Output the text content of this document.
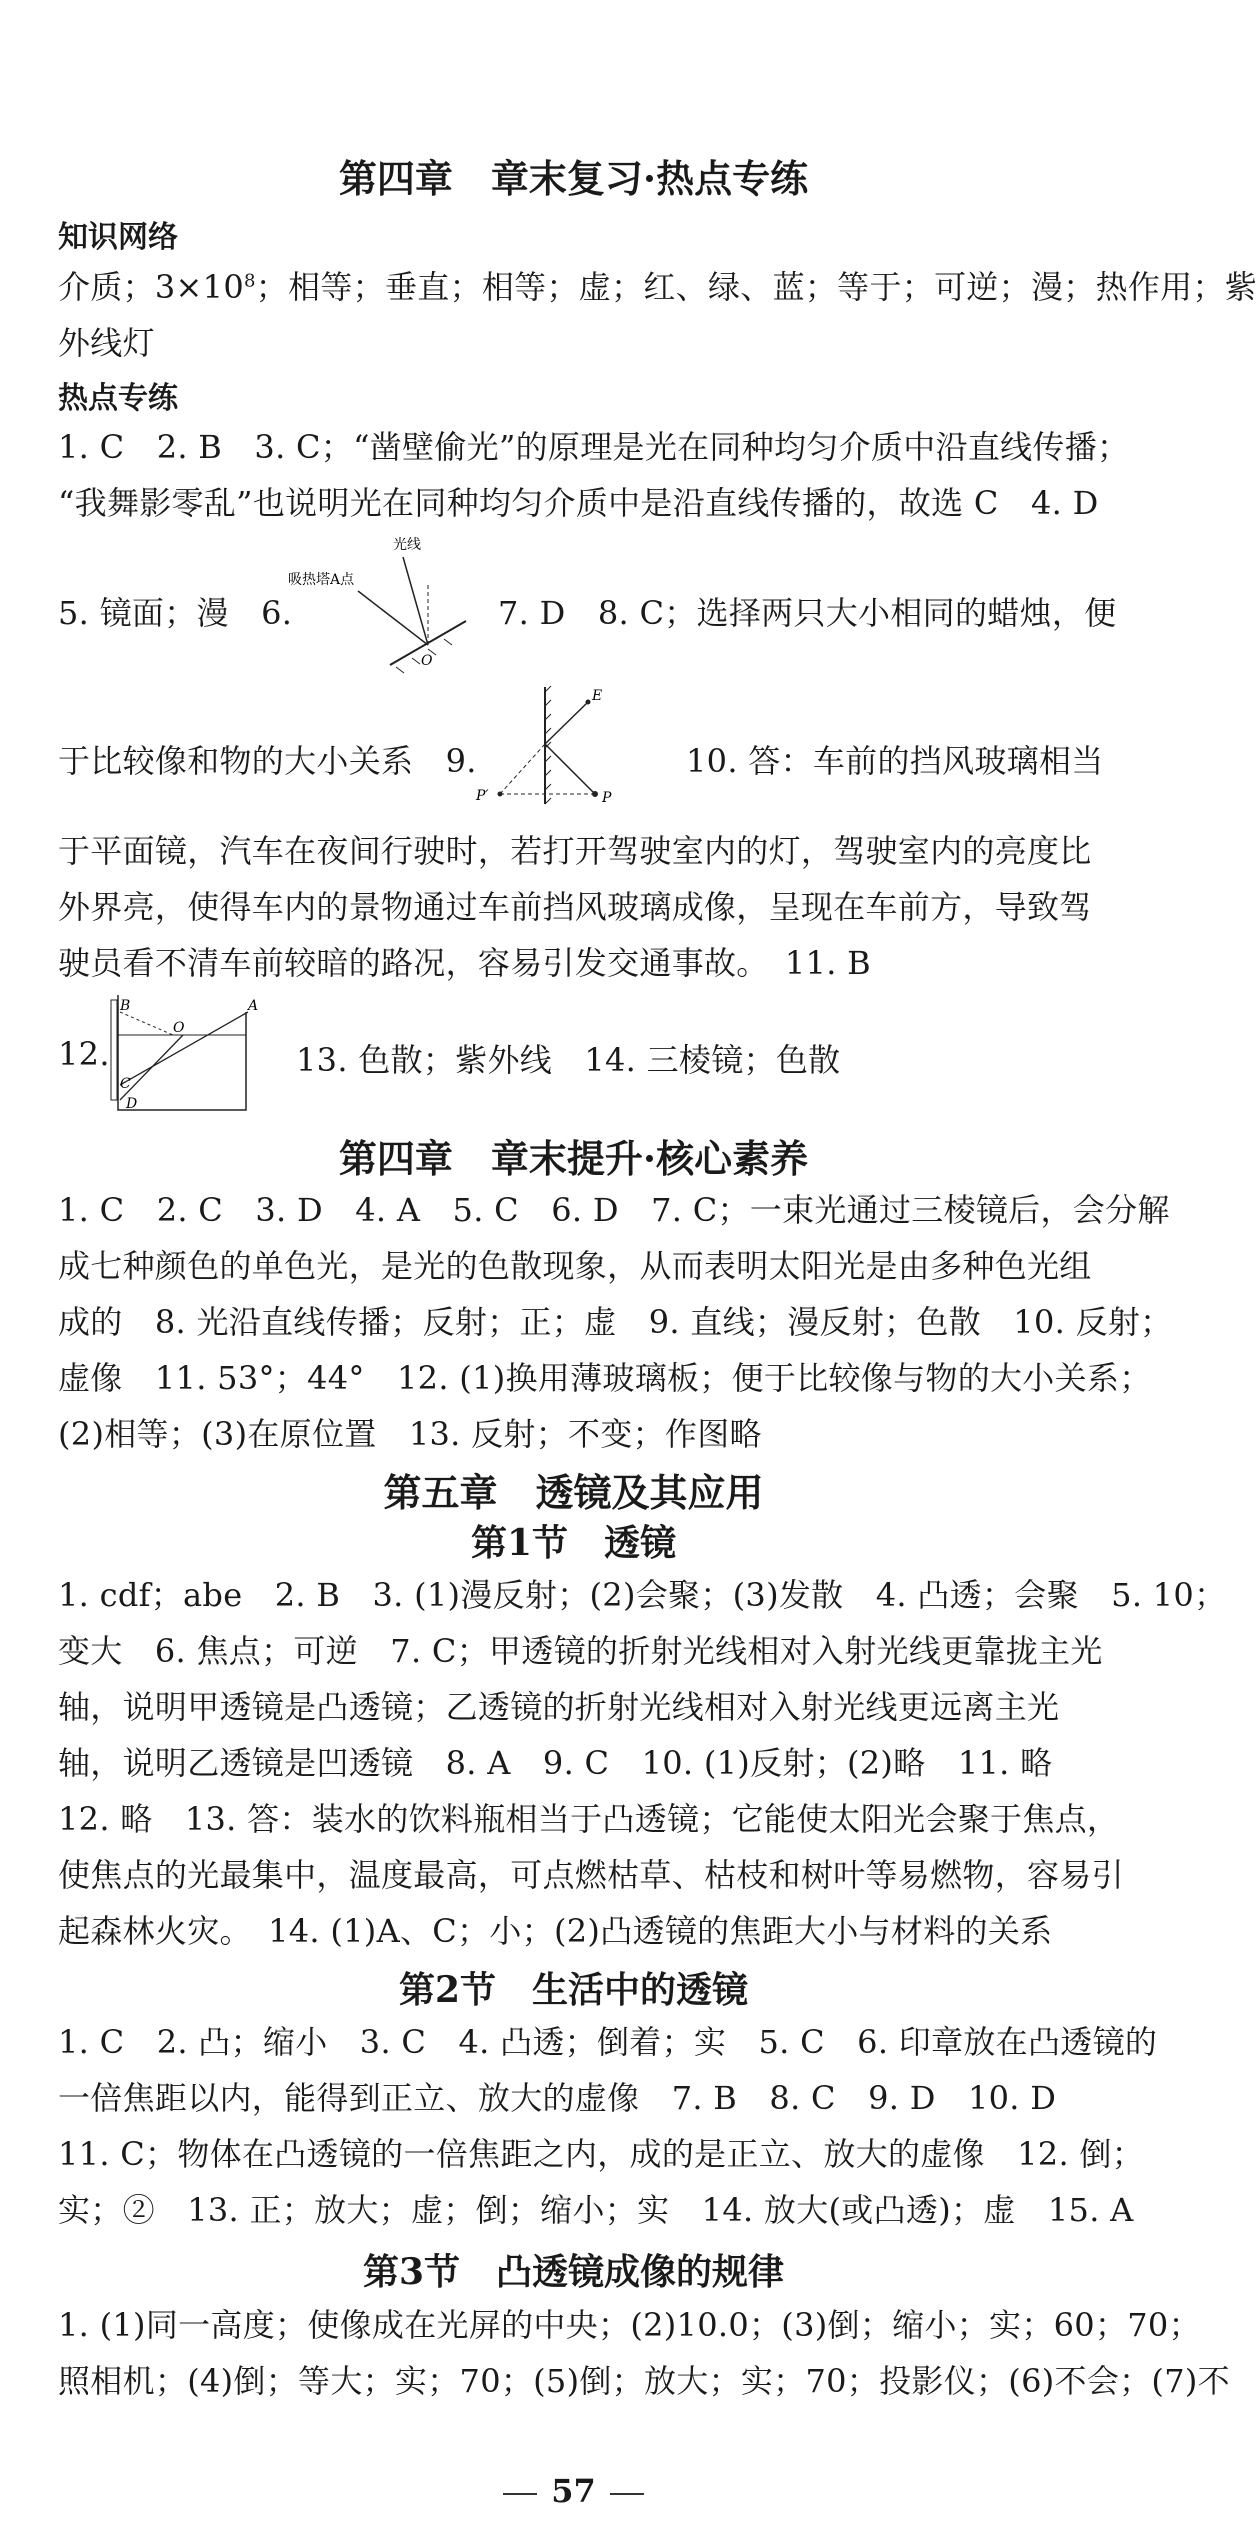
第四章　章末复习·热点专练
知识网络
介质；$3\times 10^8$；相等；垂直；相等；虚；红、绿、蓝；等于；可逆；漫；热作用；紫
外线灯
热点专练
1. C　2. B　3. C；“凿壁偷光”的原理是光在同种均匀介质中沿直线传播；
“我舞影零乱”也说明光在同种均匀介质中是沿直线传播的，故选 C　4. D
5. 镜面；漫　6.	7. D　8. C；选择两只大小相同的蜡烛，便
光线
吸热塔A点
O
于比较像和物的大小关系　9.	10. 答：车前的挡风玻璃相当
E
P
P′
于平面镜，汽车在夜间行驶时，若打开驾驶室内的灯，驾驶室内的亮度比
外界亮，使得车内的景物通过车前挡风玻璃成像，呈现在车前方，导致驾
驶员看不清车前较暗的路况，容易引发交通事故。　11. B
12.	13. 色散；紫外线　14. 三棱镜；色散
B	A
O
C
D
第四章　章末提升·核心素养
1. C　2. C　3. D　4. A　5. C　6. D　7. C；一束光通过三棱镜后，会分解
成七种颜色的单色光，是光的色散现象，从而表明太阳光是由多种色光组
成的　8. 光沿直线传播；反射；正；虚　9. 直线；漫反射；色散　10. 反射；
虚像　11. 53°；44°　12. (1)换用薄玻璃板；便于比较像与物的大小关系；
(2)相等；(3)在原位置　13. 反射；不变；作图略
第五章　透镜及其应用
第1节　透镜
1. cdf；abe　2. B　3. (1)漫反射；(2)会聚；(3)发散　4. 凸透；会聚　5. 10；
变大　6. 焦点；可逆　7. C；甲透镜的折射光线相对入射光线更靠拢主光
轴，说明甲透镜是凸透镜；乙透镜的折射光线相对入射光线更远离主光
轴，说明乙透镜是凹透镜　8. A　9. C　10. (1)反射；(2)略　11. 略
12. 略　13. 答：装水的饮料瓶相当于凸透镜；它能使太阳光会聚于焦点，
使焦点的光最集中，温度最高，可点燃枯草、枯枝和树叶等易燃物，容易引
起森林火灾。　14. (1)A、C；小；(2)凸透镜的焦距大小与材料的关系
第2节　生活中的透镜
1. C　2. 凸；缩小　3. C　4. 凸透；倒着；实　5. C　6. 印章放在凸透镜的
一倍焦距以内，能得到正立、放大的虚像　7. B　8. C　9. D　10. D
11. C；物体在凸透镜的一倍焦距之内，成的是正立、放大的虚像　12. 倒；
实；②　13. 正；放大；虚；倒；缩小；实　14. 放大(或凸透)；虚　15. A
第3节　凸透镜成像的规律
1. (1)同一高度；使像成在光屏的中央；(2)10.0；(3)倒；缩小；实；60；70；
照相机；(4)倒；等大；实；70；(5)倒；放大；实；70；投影仪；(6)不会；(7)不
57
